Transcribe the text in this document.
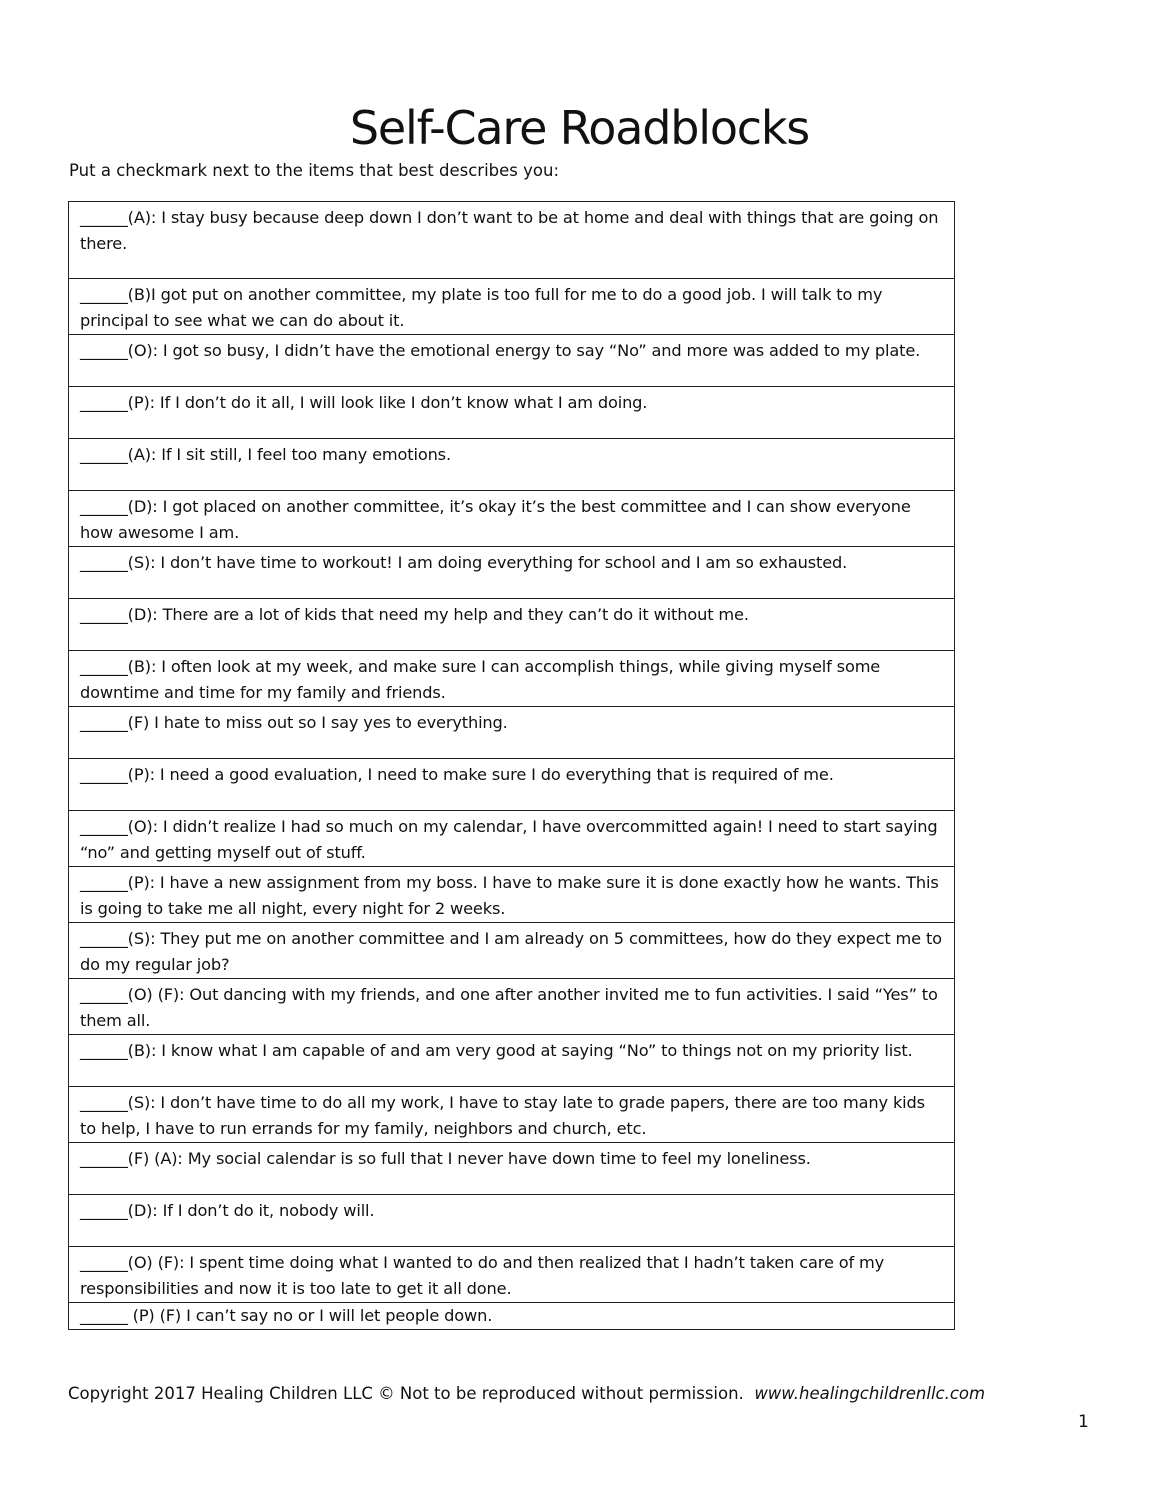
Self-Care Roadblocks
Put a checkmark next to the items that best describes you:
______(A): I stay busy because deep down I don’t want to be at home and deal with things that are going on there.
______(B)I got put on another committee, my plate is too full for me to do a good job. I will talk to my principal to see what we can do about it.
______(O): I got so busy, I didn’t have the emotional energy to say “No” and more was added to my plate.
______(P): If I don’t do it all, I will look like I don’t know what I am doing.
______(A): If I sit still, I feel too many emotions.
______(D): I got placed on another committee, it’s okay it’s the best committee and I can show everyone how awesome I am.
______(S): I don’t have time to workout! I am doing everything for school and I am so exhausted.
______(D): There are a lot of kids that need my help and they can’t do it without me.
______(B): I often look at my week, and make sure I can accomplish things, while giving myself some downtime and time for my family and friends.
______(F) I hate to miss out so I say yes to everything.
______(P): I need a good evaluation, I need to make sure I do everything that is required of me.
______(O): I didn’t realize I had so much on my calendar, I have overcommitted again! I need to start saying “no” and getting myself out of stuff.
______(P): I have a new assignment from my boss. I have to make sure it is done exactly how he wants. This is going to take me all night, every night for 2 weeks.
______(S): They put me on another committee and I am already on 5 committees, how do they expect me to do my regular job?
______(O) (F): Out dancing with my friends, and one after another invited me to fun activities. I said “Yes” to them all.
______(B): I know what I am capable of and am very good at saying “No” to things not on my priority list.
______(S): I don’t have time to do all my work, I have to stay late to grade papers, there are too many kids to help, I have to run errands for my family, neighbors and church, etc.
______(F) (A): My social calendar is so full that I never have down time to feel my loneliness.
______(D): If I don’t do it, nobody will.
______(O) (F): I spent time doing what I wanted to do and then realized that I hadn’t taken care of my responsibilities and now it is too late to get it all done.
______ (P) (F) I can’t say no or I will let people down.
Copyright 2017 Healing Children LLC © Not to be reproduced without permission. www.healingchildrenllc.com
1
